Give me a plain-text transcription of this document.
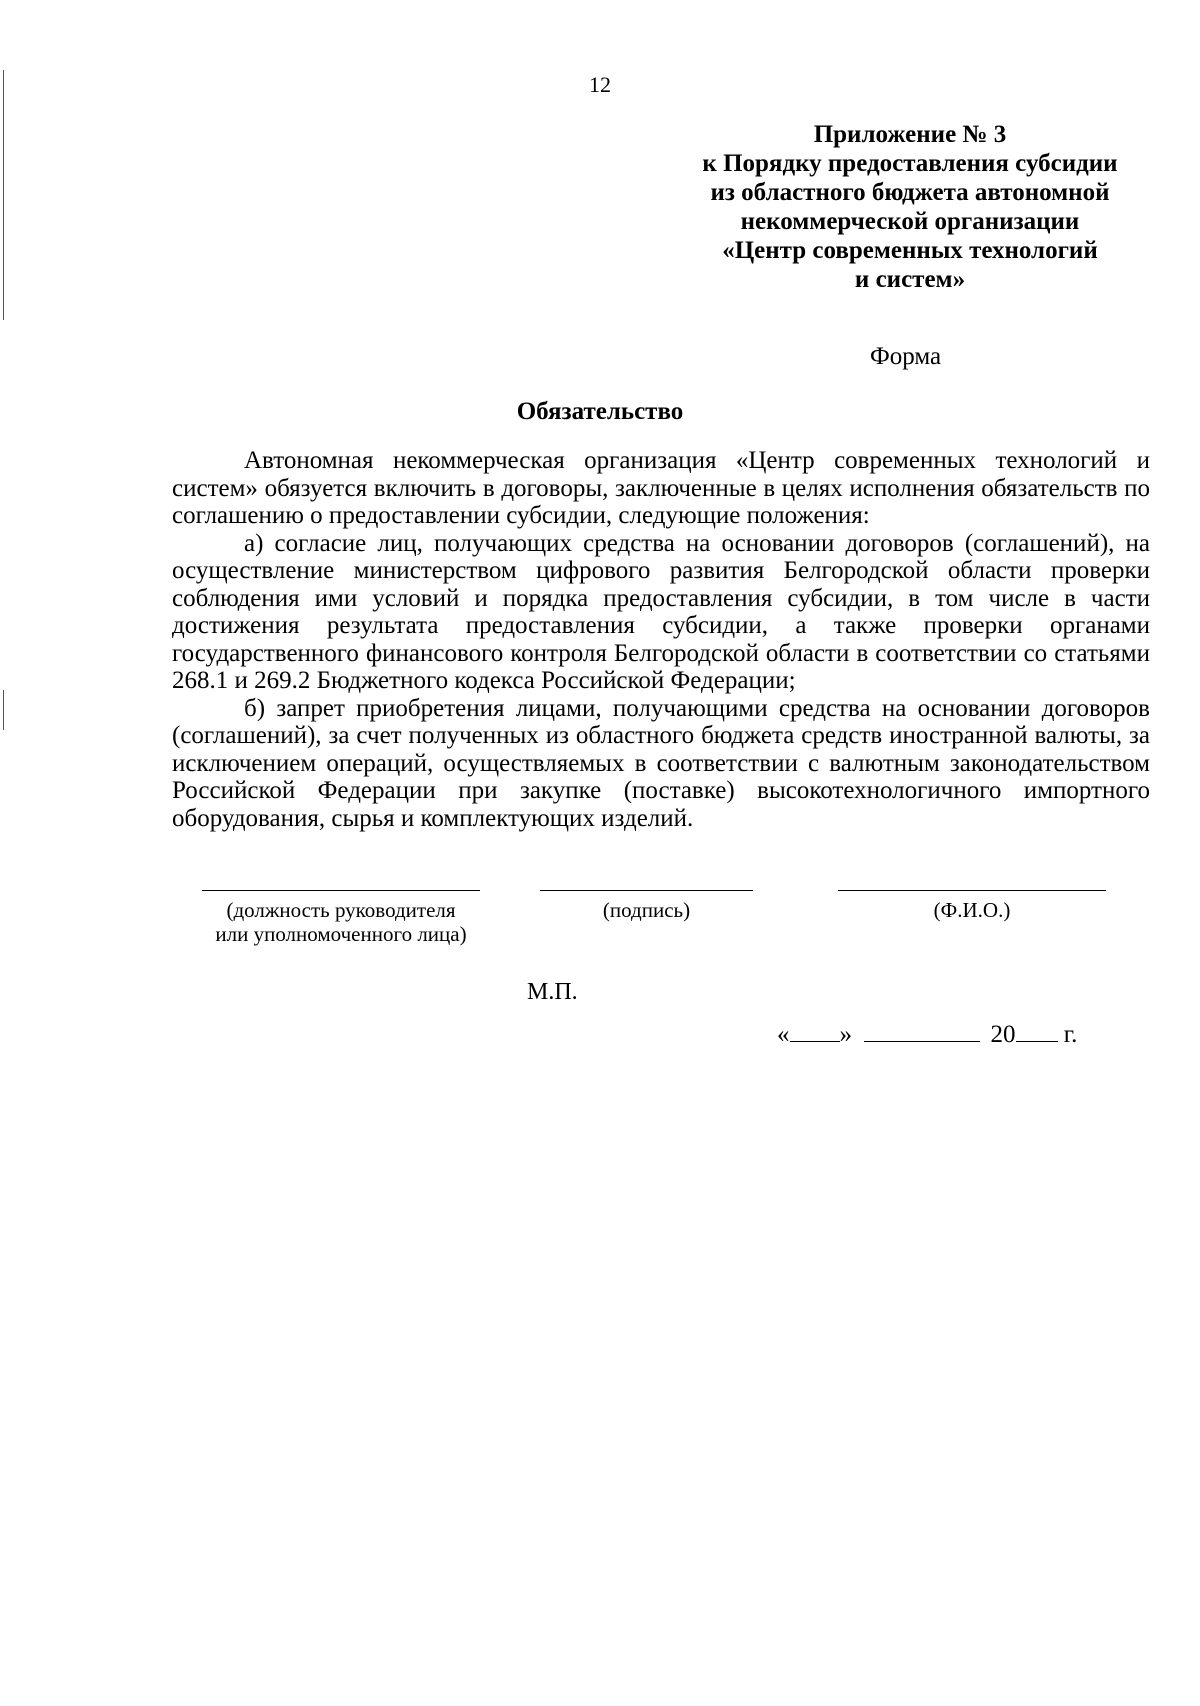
12
Приложение № 3
к Порядку предоставления субсидии
из областного бюджета автономной
некоммерческой организации
«Центр современных технологий
и систем»
Форма
Обязательство

Автономная некоммерческая организация «Центр современных технологий и систем» обязуется включить в договоры, заключенные в целях исполнения обязательств по соглашению о предоставлении субсидии, следующие положения:

а) согласие лиц, получающих средства на основании договоров (соглашений), на осуществление министерством цифрового развития Белгородской области проверки соблюдения ими условий и порядка предоставления субсидии, в том числе в части достижения результата предоставления субсидии, а также проверки органами государственного финансового контроля Белгородской области в соответствии со статьями 268.1 и 269.2 Бюджетного кодекса Российской Федерации;

б) запрет приобретения лицами, получающими средства на основании договоров (соглашений), за счет полученных из областного бюджета средств иностранной валюты, за исключением операций, осуществляемых в соответствии с валютным законодательством Российской Федерации при закупке (поставке) высокотехнологичного импортного оборудования, сырья и комплектующих изделий.

(должность руководителя
или уполномоченного лица)
(подпись)	(Ф.И.О.)
М.П.
« »	20 г.
